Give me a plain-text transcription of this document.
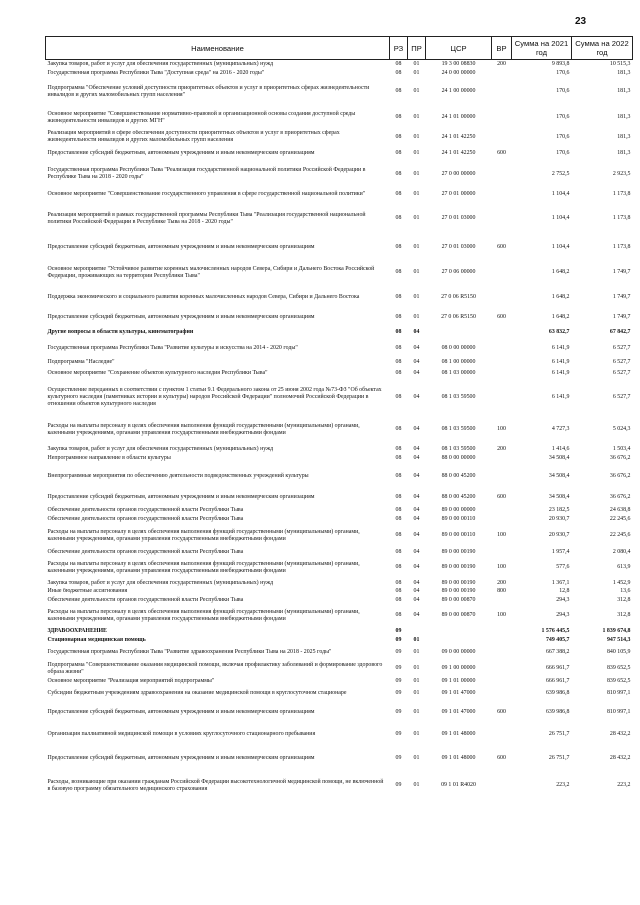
23
Наименование	РЗ	ПР	ЦСР	ВР	Сумма на 2021 год	Сумма на 2022 год
Закупка товаров, работ и услуг для обеспечения государственных (муниципальных) нужд	08	01	19 3 00 08830	200	9 893,8	10 515,3
Государственная программа Республики Тыва "Доступная среда" на 2016 - 2020 годы"	08	01	24 0 00 00000		170,6	181,3
Подпрограмма "Обеспечение условий доступности приоритетных объектов и услуг в приоритетных сферах жизнедеятельности инвалидов и других маломобильных групп населения"	08	01	24 1 00 00000		170,6	181,3
Основное мероприятие "Совершенствование нормативно-правовой и организационной основы создания доступной среды жизнедеятельности инвалидов и других МГН"	08	01	24 1 01 00000		170,6	181,3
Реализация мероприятий в сфере обеспечения доступности приоритетных объектов и услуг в приоритетных сферах жизнедеятельности инвалидов и других маломобильных групп населения	08	01	24 1 01 42250		170,6	181,3
Предоставление субсидий бюджетным, автономным учреждениям и иным некоммерческим организациям	08	01	24 1 01 42250	600	170,6	181,3
Государственная программа Республики Тыва "Реализация государственной национальной политики Российской Федерации в Республике Тыва на 2018 - 2020 годы"	08	01	27 0 00 00000		2 752,5	2 923,5
Основное мероприятие "Совершенствование государственного управления в сфере государственной национальной политики"	08	01	27 0 01 00000		1 104,4	1 173,8
Реализация мероприятий в рамках государственной программы Республики Тыва "Реализация государственной национальной политики Российской Федерации в Республике Тыва на 2018 - 2020 годы"	08	01	27 0 01 03000		1 104,4	1 173,8
Предоставление субсидий бюджетным, автономным учреждениям и иным некоммерческим организациям	08	01	27 0 01 03000	600	1 104,4	1 173,8
Основное мероприятие "Устойчивое развитие коренных малочисленных народов Севера, Сибири и Дальнего Востока Российской Федерации, проживающих на территории Республики Тыва"	08	01	27 0 06 00000		1 648,2	1 749,7
Поддержка экономического и социального развития коренных малочисленных народов Севера, Сибири и Дальнего Востока	08	01	27 0 06 R5150		1 648,2	1 749,7
Предоставление субсидий бюджетным, автономным учреждениям и иным некоммерческим организациям	08	01	27 0 06 R5150	600	1 648,2	1 749,7
Другие вопросы в области культуры, кинематографии	08	04			63 832,7	67 842,7
Государственная программа Республики Тыва "Развитие культуры и искусства на 2014 - 2020 годы"	08	04	08 0 00 00000		6 141,9	6 527,7
Подпрограмма "Наследие"	08	04	08 1 00 00000		6 141,9	6 527,7
Основное мероприятие "Сохранение объектов культурного наследия Республики Тыва"	08	04	08 1 03 00000		6 141,9	6 527,7
Осуществление переданных в соответствии с пунктом 1 статьи 9.1 Федерального закона от 25 июня 2002 года №73-ФЗ "Об объектах культурного наследия (памятниках истории и культуры) народов Российской Федерации" полномочий Российской Федерации в отношении объектов культурного наследия	08	04	08 1 03 59500		6 141,9	6 527,7
Расходы на выплаты персоналу в целях обеспечения выполнения функций государственными (муниципальными) органами, казенными учреждениями, органами управления государственными внебюджетными фондами	08	04	08 1 03 59500	100	4 727,3	5 024,3
Закупка товаров, работ и услуг для обеспечения государственных (муниципальных) нужд	08	04	08 1 03 59500	200	1 414,6	1 503,4
Непрограммное направление в области культуры	08	04	88 0 00 00000		34 508,4	36 676,2
Внепрограммные мероприятия по обеспечению деятельности подведомственных учреждений культуры	08	04	88 0 00 45200		34 508,4	36 676,2
Предоставление субсидий бюджетным, автономным учреждениям и иным некоммерческим организациям	08	04	88 0 00 45200	600	34 508,4	36 676,2
Обеспечение деятельности органов государственной власти Республики Тыва	08	04	89 0 00 00000		23 182,5	24 638,8
Обеспечение деятельности органов государственной власти Республики Тыва	08	04	89 0 00 00110		20 930,7	22 245,6
Расходы на выплаты персоналу в целях обеспечения выполнения функций государственными (муниципальными) органами, казенными учреждениями, органами управления государственными внебюджетными фондами	08	04	89 0 00 00110	100	20 930,7	22 245,6
Обеспечение деятельности органов государственной власти Республики Тыва	08	04	89 0 00 00190		1 957,4	2 080,4
Расходы на выплаты персоналу в целях обеспечения выполнения функций государственными (муниципальными) органами, казенными учреждениями, органами управления государственными внебюджетными фондами	08	04	89 0 00 00190	100	577,6	613,9
Закупка товаров, работ и услуг для обеспечения государственных (муниципальных) нужд	08	04	89 0 00 00190	200	1 367,1	1 452,9
Иные бюджетные ассигнования	08	04	89 0 00 00190	800	12,8	13,6
Обеспечение деятельности органов государственной власти Республики Тыва	08	04	89 0 00 00870		294,3	312,8
Расходы на выплаты персоналу в целях обеспечения выполнения функций государственными (муниципальными) органами, казенными учреждениями, органами управления государственными внебюджетными фондами	08	04	89 0 00 00870	100	294,3	312,8
ЗДРАВООХРАНЕНИЕ	09				1 576 445,5	1 839 674,8
Стационарная медицинская помощь	09	01			749 405,7	947 514,3
Государственная программа Республики Тыва "Развитие здравоохранения Республики Тыва на 2018 - 2025 годы"	09	01	09 0 00 00000		667 388,2	840 105,9
Подпрограмма "Совершенствование оказания медицинской помощи, включая профилактику заболеваний и формирование здорового образа жизни"	09	01	09 1 00 00000		666 961,7	839 652,5
Основное мероприятие "Реализация мероприятий подпрограммы"	09	01	09 1 01 00000		666 961,7	839 652,5
Субсидии бюджетным учреждениям здравоохранения на оказание медицинской помощи в круглосуточном стационаре	09	01	09 1 01 47000		639 986,8	810 997,1
Предоставление субсидий бюджетным, автономным учреждениям и иным некоммерческим организациям	09	01	09 1 01 47000	600	639 986,8	810 997,1
Организация паллиативной медицинской помощи в условиях круглосуточного стационарного пребывания	09	01	09 1 01 48000		26 751,7	28 432,2
Предоставление субсидий бюджетным, автономным учреждениям и иным некоммерческим организациям	09	01	09 1 01 48000	600	26 751,7	28 432,2
Расходы, возникающие при оказании гражданам Российской Федерации высокотехнологичной медицинской помощи, не включенной в базовую программу обязательного медицинского страхования	09	01	09 1 01 R4020		223,2	223,2
